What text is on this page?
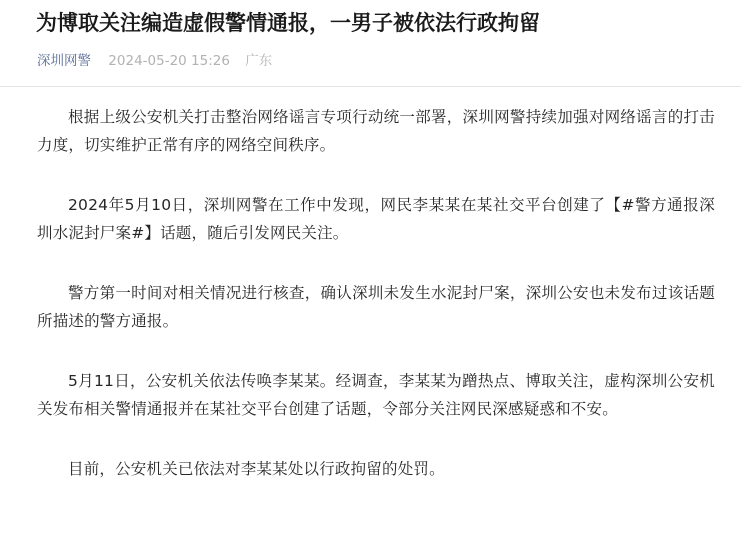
为博取关注编造虚假警情通报，一男子被依法行政拘留
深圳网警 2024-05-20 15:26 广东

根据上级公安机关打击整治网络谣言专项行动统一部署，深圳网警持续加强对网络谣言的打击力度，切实维护正常有序的网络空间秩序。

2024年5月10日，深圳网警在工作中发现，网民李某某在某社交平台创建了【#警方通报深圳水泥封尸案#】话题，随后引发网民关注。

警方第一时间对相关情况进行核查，确认深圳未发生水泥封尸案，深圳公安也未发布过该话题所描述的警方通报。

5月11日，公安机关依法传唤李某某。经调查，李某某为蹭热点、博取关注，虚构深圳公安机关发布相关警情通报并在某社交平台创建了话题，令部分关注网民深感疑惑和不安。

目前，公安机关已依法对李某某处以行政拘留的处罚。
